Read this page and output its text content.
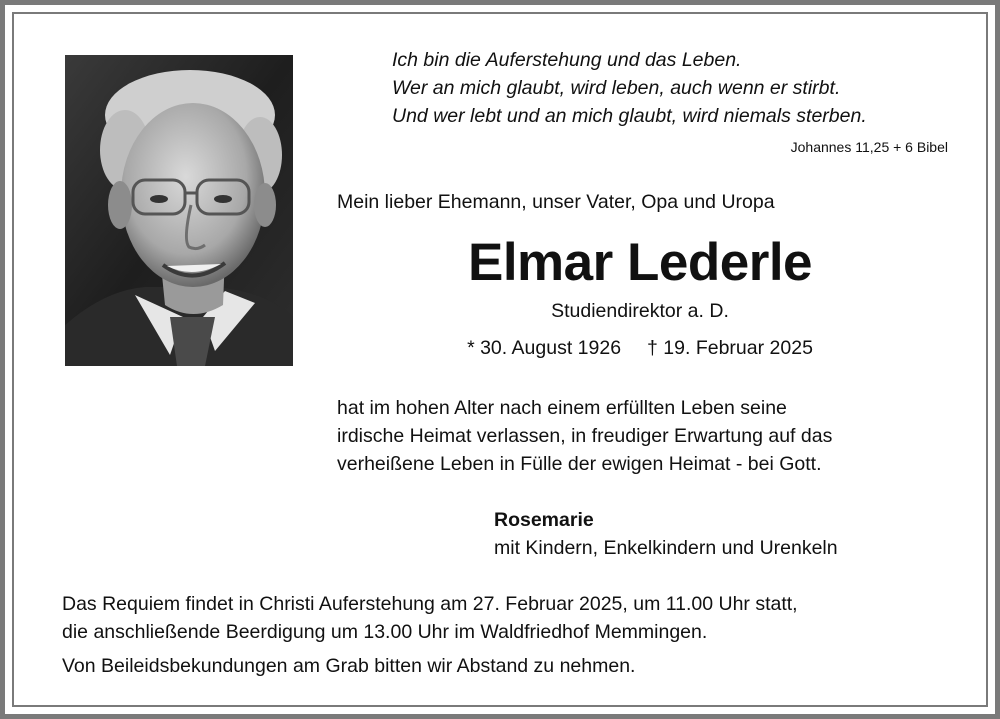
Ich bin die Auferstehung und das Leben.
Wer an mich glaubt, wird leben, auch wenn er stirbt.
Und wer lebt und an mich glaubt, wird niemals sterben.
Johannes 11,25 + 6 Bibel
Mein lieber Ehemann, unser Vater, Opa und Uropa
Elmar Lederle
Studiendirektor a. D.
* 30. August 1926 † 19. Februar 2025
hat im hohen Alter nach einem erfüllten Leben seine
irdische Heimat verlassen, in freudiger Erwartung auf das
verheißene Leben in Fülle der ewigen Heimat - bei Gott.
Rosemarie
mit Kindern, Enkelkindern und Urenkeln
Das Requiem findet in Christi Auferstehung am 27. Februar 2025, um 11.00 Uhr statt,
die anschließende Beerdigung um 13.00 Uhr im Waldfriedhof Memmingen.
Von Beileidsbekundungen am Grab bitten wir Abstand zu nehmen.
